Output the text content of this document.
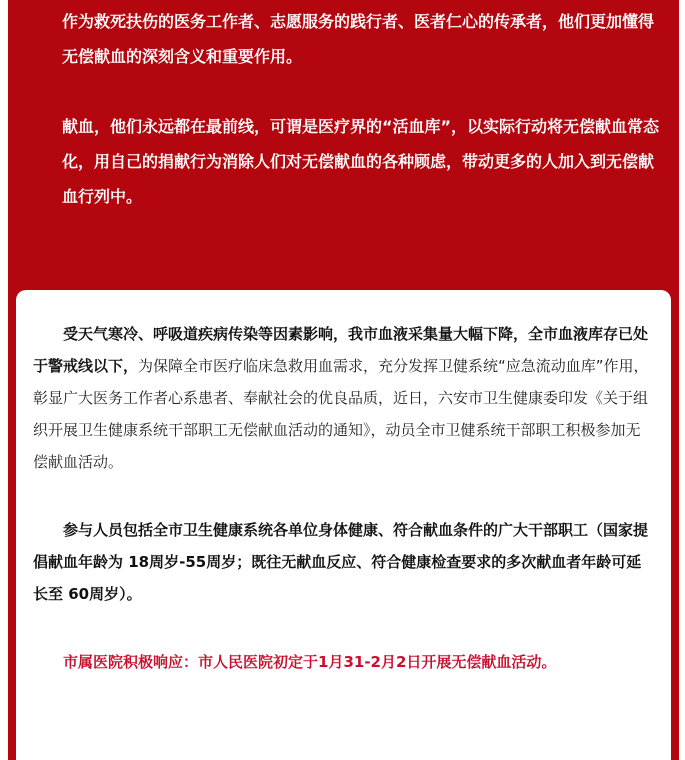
作为救死扶伤的医务工作者、志愿服务的践行者、医者仁心的传承者，他们更加懂得无偿献血的深刻含义和重要作用。

献血，他们永远都在最前线，可谓是医疗界的“活血库”，以实际行动将无偿献血常态化，用自己的捐献行为消除人们对无偿献血的各种顾虑，带动更多的人加入到无偿献血行列中。

受天气寒冷、呼吸道疾病传染等因素影响，我市血液采集量大幅下降，全市血液库存已处于警戒线以下，为保障全市医疗临床急救用血需求，充分发挥卫健系统“应急流动血库”作用，彰显广大医务工作者心系患者、奉献社会的优良品质，近日，六安市卫生健康委印发《关于组织开展卫生健康系统干部职工无偿献血活动的通知》，动员全市卫健系统干部职工积极参加无偿献血活动。

参与人员包括全市卫生健康系统各单位身体健康、符合献血条件的广大干部职工（国家提倡献血年龄为 18周岁-55周岁；既往无献血反应、符合健康检查要求的多次献血者年龄可延长至 60周岁）。

市属医院积极响应：市人民医院初定于1月31-2月2日开展无偿献血活动。
